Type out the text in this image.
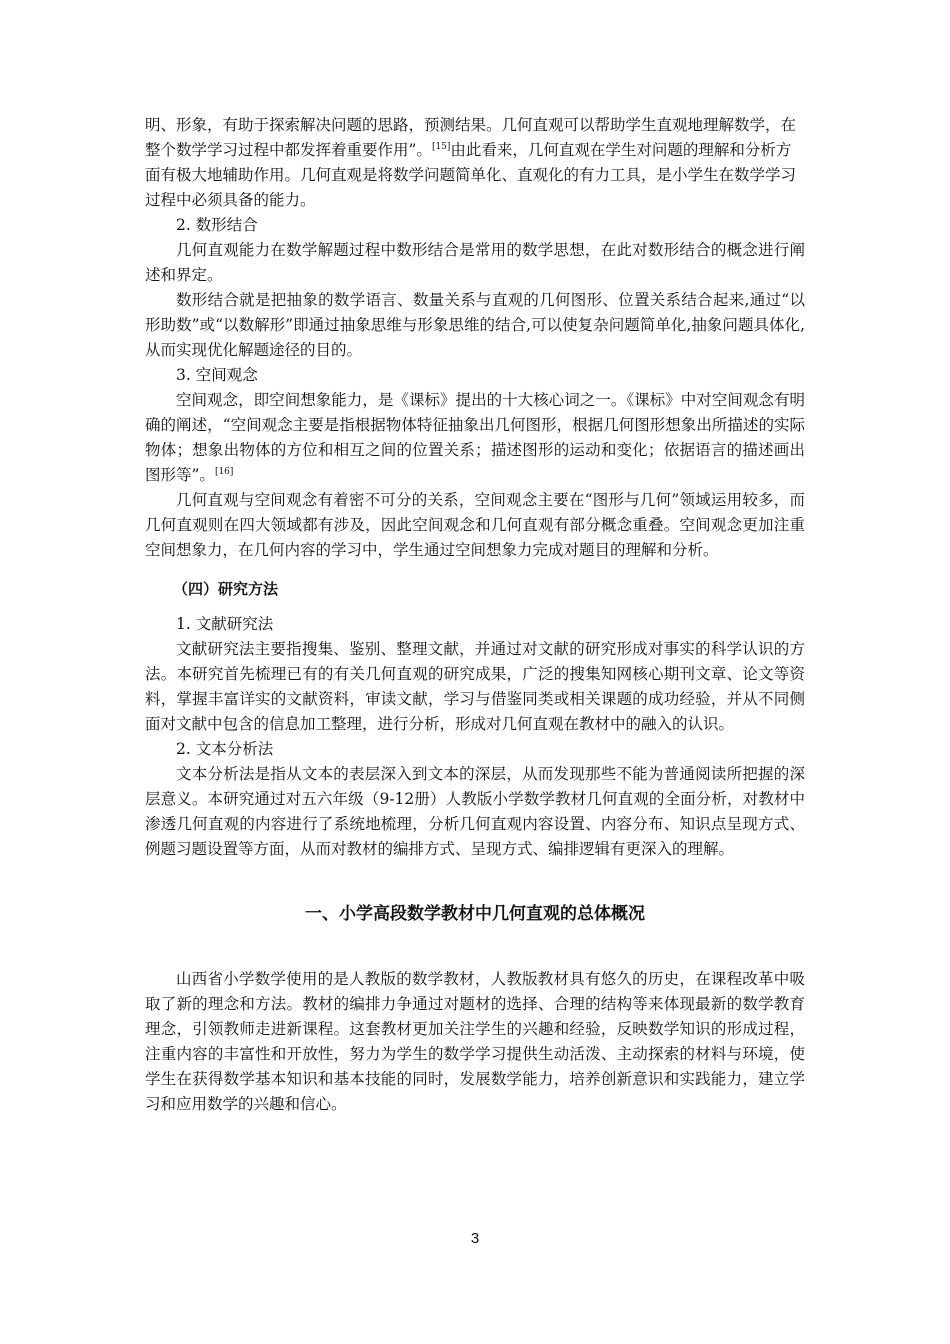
明、形象，有助于探索解决问题的思路，预测结果。几何直观可以帮助学生直观地理解数学，在整个数学学习过程中都发挥着重要作用”。[15]由此看来，几何直观在学生对问题的理解和分析方面有极大地辅助作用。几何直观是将数学问题简单化、直观化的有力工具，是小学生在数学学习过程中必须具备的能力。

2. 数形结合

几何直观能力在数学解题过程中数形结合是常用的数学思想，在此对数形结合的概念进行阐述和界定。

数形结合就是把抽象的数学语言、数量关系与直观的几何图形、位置关系结合起来,通过“以形助数”或“以数解形”即通过抽象思维与形象思维的结合,可以使复杂问题简单化,抽象问题具体化,从而实现优化解题途径的目的。

3. 空间观念

空间观念，即空间想象能力，是《课标》提出的十大核心词之一。《课标》中对空间观念有明确的阐述，“空间观念主要是指根据物体特征抽象出几何图形，根据几何图形想象出所描述的实际物体；想象出物体的方位和相互之间的位置关系；描述图形的运动和变化；依据语言的描述画出图形等”。[16]

几何直观与空间观念有着密不可分的关系，空间观念主要在“图形与几何”领域运用较多，而几何直观则在四大领域都有涉及，因此空间观念和几何直观有部分概念重叠。空间观念更加注重空间想象力，在几何内容的学习中，学生通过空间想象力完成对题目的理解和分析。

（四）研究方法

1. 文献研究法

文献研究法主要指搜集、鉴别、整理文献，并通过对文献的研究形成对事实的科学认识的方法。本研究首先梳理已有的有关几何直观的研究成果，广泛的搜集知网核心期刊文章、论文等资料，掌握丰富详实的文献资料，审读文献，学习与借鉴同类或相关课题的成功经验，并从不同侧面对文献中包含的信息加工整理，进行分析，形成对几何直观在教材中的融入的认识。

2. 文本分析法

文本分析法是指从文本的表层深入到文本的深层，从而发现那些不能为普通阅读所把握的深层意义。本研究通过对五六年级（9-12册）人教版小学数学教材几何直观的全面分析，对教材中渗透几何直观的内容进行了系统地梳理，分析几何直观内容设置、内容分布、知识点呈现方式、例题习题设置等方面，从而对教材的编排方式、呈现方式、编排逻辑有更深入的理解。

一、小学高段数学教材中几何直观的总体概况

山西省小学数学使用的是人教版的数学教材，人教版教材具有悠久的历史，在课程改革中吸取了新的理念和方法。教材的编排力争通过对题材的选择、合理的结构等来体现最新的数学教育理念，引领教师走进新课程。这套教材更加关注学生的兴趣和经验，反映数学知识的形成过程，注重内容的丰富性和开放性，努力为学生的数学学习提供生动活泼、主动探索的材料与环境，使学生在获得数学基本知识和基本技能的同时，发展数学能力，培养创新意识和实践能力，建立学习和应用数学的兴趣和信心。

3
